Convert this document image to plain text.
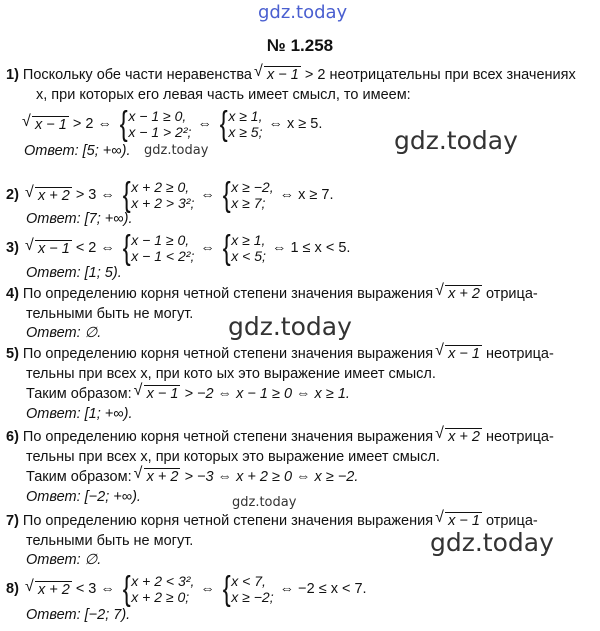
gdz.today
№ 1.258
1) Поскольку обе части неравенства √ x − 1 > 2 неотрицательны при всех значениях
x, при которых его левая часть имеет смысл, то имеем:
√ x − 1 > 2 ⇔ { x − 1 ≥ 0,
x − 1 > 2²; ⇔ { x ≥ 1,
x ≥ 5; ⇔ x ≥ 5.
Ответ: [5; +∞). gdz.today	gdz.today
2) √ x + 2 > 3 ⇔ { x + 2 ≥ 0,
x + 2 > 3²; ⇔ { x ≥ −2,
x ≥ 7; ⇔ x ≥ 7.
Ответ: [7; +∞).
3) √ x − 1 < 2 ⇔ { x − 1 ≥ 0,
x − 1 < 2²; ⇔ { x ≥ 1,
x < 5; ⇔ 1 ≤ x < 5.
Ответ: [1; 5).
4) По определению корня четной степени значения выражения √ x + 2 отрица-
тельными быть не могут.
Ответ: ∅.	gdz.today
5) По определению корня четной степени значения выражения √ x − 1 неотрица-
тельны при всех x, при кото ых это выражение имеет смысл.
Таким образом: √ x − 1 > −2 ⇔ x − 1 ≥ 0 ⇔ x ≥ 1.
Ответ: [1; +∞).
6) По определению корня четной степени значения выражения √ x + 2 неотрица-
тельны при всех x, при которых это выражение имеет смысл.
Таким образом: √ x + 2 > −3 ⇔ x + 2 ≥ 0 ⇔ x ≥ −2.
Ответ: [−2; +∞).	gdz.today
7) По определению корня четной степени значения выражения √ x − 1 отрица-
тельными быть не могут.
Ответ: ∅.
gdz.today
8) √ x + 2 < 3 ⇔ { x + 2 < 3²,
x + 2 ≥ 0; ⇔ { x < 7,
x ≥ −2; ⇔ −2 ≤ x < 7.
Ответ: [−2; 7).
